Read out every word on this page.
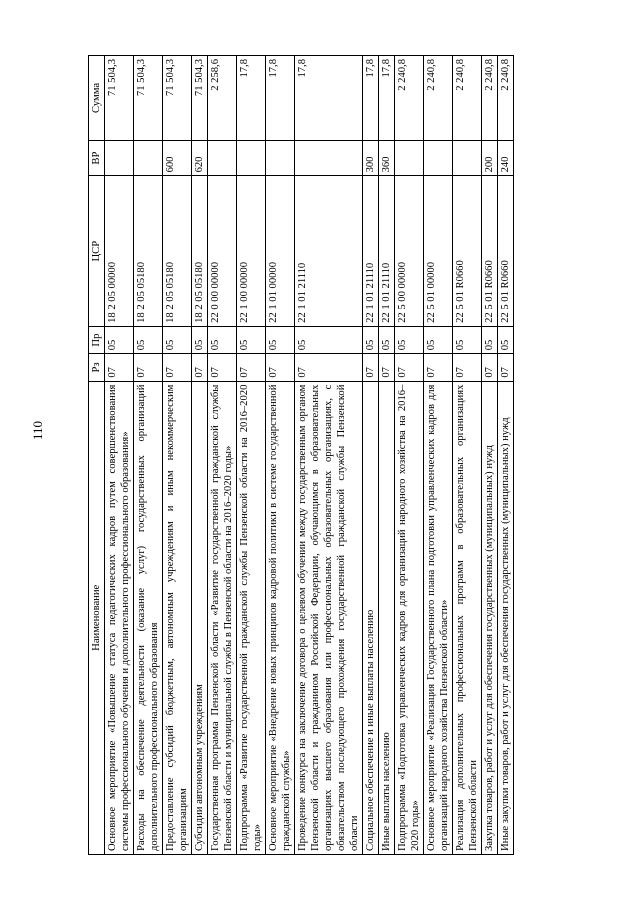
110
Наименование	Рз	Пр	ЦСР	ВР	Сумма
Основное мероприятие «Повышение статуса педагогических кадров путем совершенствования системы профессионального обучения и дополнительного профессионального образования»	07	05	18 2 05 00000		71 504,3
Расходы на обеспечение деятельности (оказание услуг) государственных организаций дополнительного профессионального образования	07	05	18 2 05 05180		71 504,3
Предоставление субсидий бюджетным, автономным учреждениям и иным некоммерческим организациям	07	05	18 2 05 05180	600	71 504,3
Субсидии автономным учреждениям	07	05	18 2 05 05180	620	71 504,3
Государственная программа Пензенской области «Развитие государственной гражданской службы Пензенской области и муниципальной службы в Пензенской области на 2016–2020 годы»	07	05	22 0 00 00000		2 258,6
Подпрограмма «Развитие государственной гражданской службы Пензенской области на 2016–2020 годы»	07	05	22 1 00 00000		17,8
Основное мероприятие «Внедрение новых принципов кадровой политики в системе государственной гражданской службы»	07	05	22 1 01 00000		17,8
Проведение конкурса на заключение договора о целевом обучении между государственным органом Пензенской области и гражданином Российской Федерации, обучающимся в образовательных организациях высшего образования или профессиональных образовательных организациях, с обязательством последующего прохождения государственной гражданской службы Пензенской области	07	05	22 1 01 21110		17,8
Социальное обеспечение и иные выплаты населению	07	05	22 1 01 21110	300	17,8
Иные выплаты населению	07	05	22 1 01 21110	360	17,8
Подпрограмма «Подготовка управленческих кадров для организаций народного хозяйства на 2016–2020 годы»	07	05	22 5 00 00000		2 240,8
Основное мероприятие «Реализация Государственного плана подготовки управленческих кадров для организаций народного хозяйства Пензенской области»	07	05	22 5 01 00000		2 240,8
Реализация дополнительных профессиональных программ в образовательных организациях Пензенской области	07	05	22 5 01 R0660		2 240,8
Закупка товаров, работ и услуг для обеспечения государственных (муниципальных) нужд	07	05	22 5 01 R0660	200	2 240,8
Иные закупки товаров, работ и услуг для обеспечения государственных (муниципальных) нужд	07	05	22 5 01 R0660	240	2 240,8
